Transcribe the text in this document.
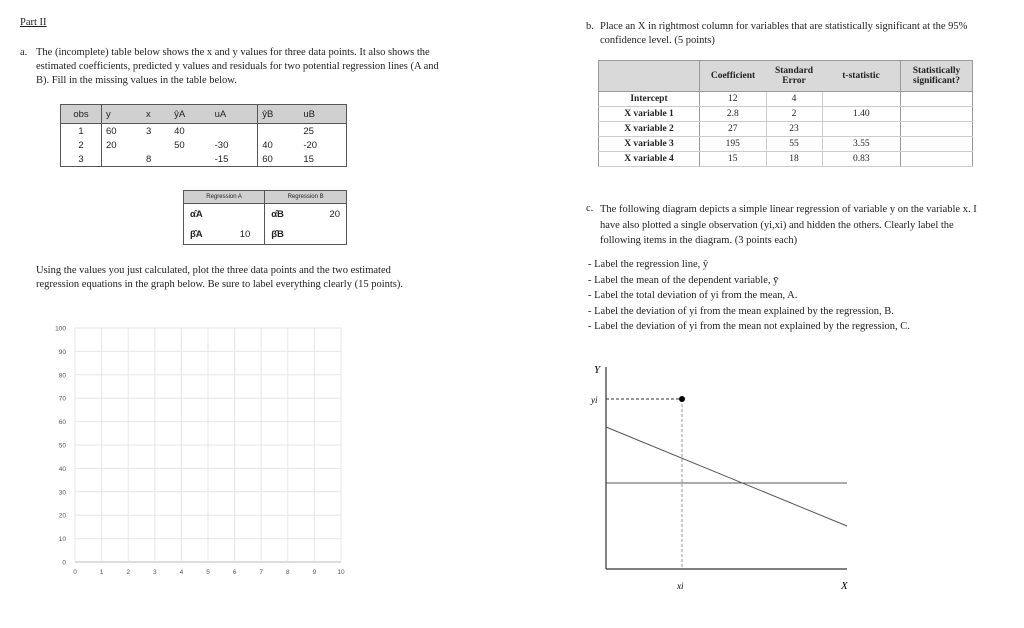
Part II
a. The (incomplete) table below shows the x and y values for three data points. It also shows the estimated coefficients, predicted y values and residuals for two potential regression lines (A and B). Fill in the missing values in the table below.
obs	y	x	ŷA	uA	ŷB	uB
1	60	3	40			25
2	20		50	-30	40	-20
3		8		-15	60	15
Regression A		Regression B	
α̂A		α̂B	20
β̂A	10	β̂B	
Using the values you just calculated, plot the three data points and the two estimated regression equations in the graph below. Be sure to label everything clearly (15 points).
100
90
80
70
60
50
40
30
20
10
0
0	1	2	3	4	5	6	7	8	9	10
b. Place an X in rightmost column for variables that are statistically significant at the 95% confidence level. (5 points)
	Coefficient	Standard Error	t-statistic	Statistically significant?
Intercept	12	4		
X variable 1	2.8	2	1.40	
X variable 2	27	23		
X variable 3	195	55	3.55	
X variable 4	15	18	0.83	
c. The following diagram depicts a simple linear regression of variable y on the variable x. I have also plotted a single observation (yi,xi) and hidden the others. Clearly label the following items in the diagram. (3 points each)
- Label the regression line, ŷ
- Label the mean of the dependent variable, ȳ
- Label the total deviation of yi from the mean, A.
- Label the deviation of yi from the mean explained by the regression, B.
- Label the deviation of yi from the mean not explained by the regression, C.
Y
yi
xi	X
